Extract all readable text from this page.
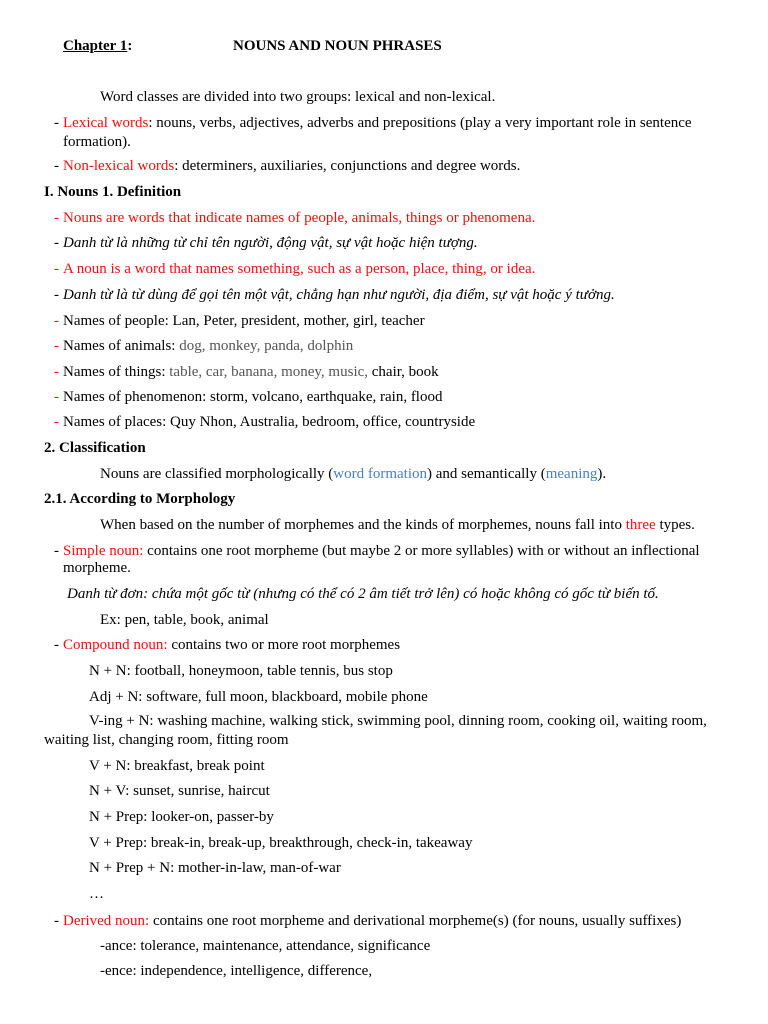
Chapter 1:	NOUNS AND NOUN PHRASES
Word classes are divided into two groups: lexical and non-lexical.
- Lexical words: nouns, verbs, adjectives, adverbs and prepositions (play a very important role in sentence
formation).
- Non-lexical words: determiners, auxiliaries, conjunctions and degree words.
I. Nouns 1. Definition
- Nouns are words that indicate names of people, animals, things or phenomena.
- Danh từ là những từ chỉ tên người, động vật, sự vật hoặc hiện tượng.
- A noun is a word that names something, such as a person, place, thing, or idea.
- Danh từ là từ dùng để gọi tên một vật, chẳng hạn như người, địa điểm, sự vật hoặc ý tưởng.
- Names of people: Lan, Peter, president, mother, girl, teacher
- Names of animals: dog, monkey, panda, dolphin
- Names of things: table, car, banana, money, music, chair, book
- Names of phenomenon: storm, volcano, earthquake, rain, flood
- Names of places: Quy Nhon, Australia, bedroom, office, countryside
2. Classification
Nouns are classified morphologically (word formation) and semantically (meaning).
2.1. According to Morphology
When based on the number of morphemes and the kinds of morphemes, nouns fall into three types.
- Simple noun: contains one root morpheme (but maybe 2 or more syllables) with or without an inflectional
morpheme.
Danh từ đơn: chứa một gốc từ (nhưng có thể có 2 âm tiết trở lên) có hoặc không có gốc từ biến tố.
Ex: pen, table, book, animal
- Compound noun: contains two or more root morphemes
N + N: football, honeymoon, table tennis, bus stop
Adj + N: software, full moon, blackboard, mobile phone
V-ing + N: washing machine, walking stick, swimming pool, dinning room, cooking oil, waiting room,
waiting list, changing room, fitting room
V + N: breakfast, break point
N + V: sunset, sunrise, haircut
N + Prep: looker-on, passer-by
V + Prep: break-in, break-up, breakthrough, check-in, takeaway
N + Prep + N: mother-in-law, man-of-war
…
- Derived noun: contains one root morpheme and derivational morpheme(s) (for nouns, usually suffixes)
-ance: tolerance, maintenance, attendance, significance
-ence: independence, intelligence, difference,
